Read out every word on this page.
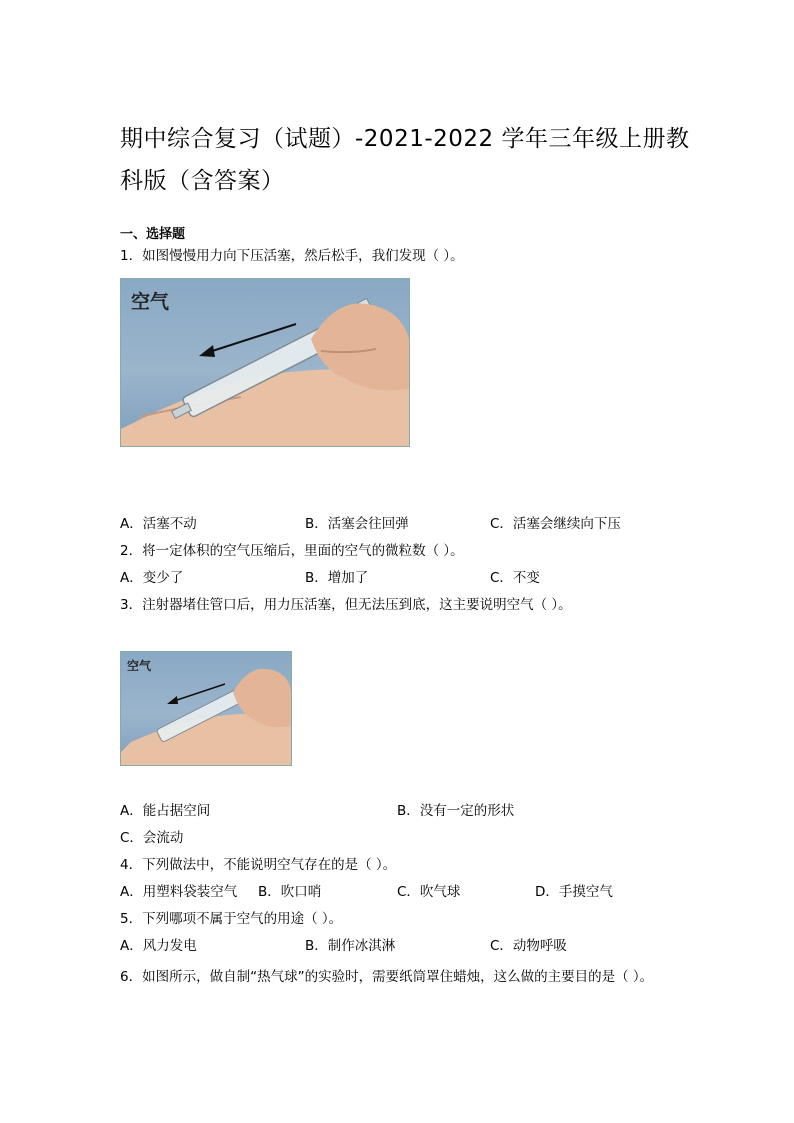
期中综合复习（试题）-2021-2022 学年三年级上册教科版（含答案）
一、选择题
1．如图慢慢用力向下压活塞，然后松手，我们发现（ ）。
空气
A．活塞不动	B．活塞会往回弹	C．活塞会继续向下压
2．将一定体积的空气压缩后，里面的空气的微粒数（ ）。
A．变少了	B．增加了	C．不变
3．注射器堵住管口后，用力压活塞，但无法压到底，这主要说明空气（ ）。
空气
A．能占据空间	B．没有一定的形状
C．会流动
4．下列做法中，不能说明空气存在的是（ ）。
A．用塑料袋装空气 B．吹口哨	C．吹气球	D．手摸空气
5．下列哪项不属于空气的用途（ ）。
A．风力发电	B．制作冰淇淋	C．动物呼吸
6．如图所示，做自制“热气球”的实验时，需要纸筒罩住蜡烛，这么做的主要目的是（ ）。
